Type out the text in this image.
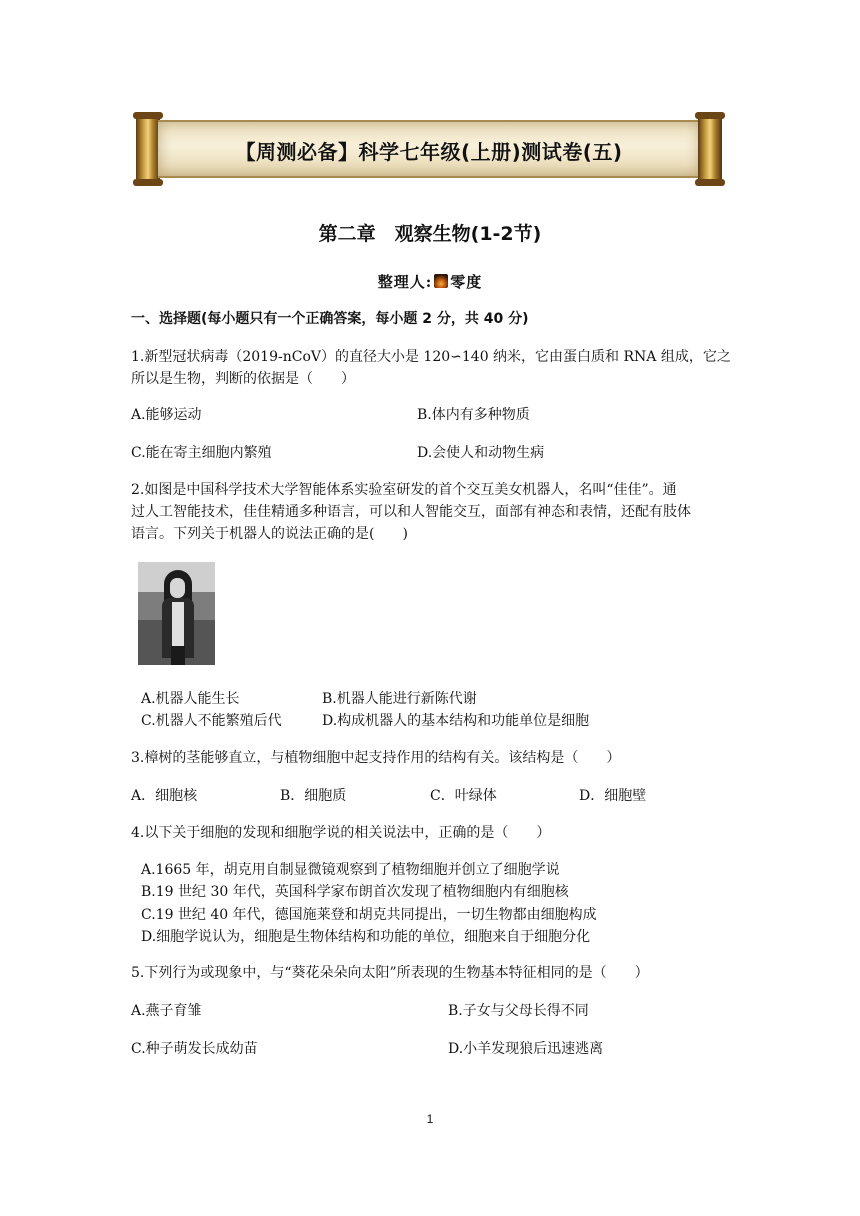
【周测必备】科学七年级(上册)测试卷(五)
第二章　观察生物(1-2节)
整理人: 零度
一、选择题(每小题只有一个正确答案，每小题 2 分，共 40 分)
1.新型冠状病毒（2019-nCoV）的直径大小是 120∽140 纳米，它由蛋白质和 RNA 组成，它之
所以是生物，判断的依据是（　　）
A.能够运动	B.体内有多种物质
C.能在寄主细胞内繁殖	D.会使人和动物生病
2.如图是中国科学技术大学智能体系实验室研发的首个交互美女机器人，名叫“佳佳”。通
过人工智能技术，佳佳精通多种语言，可以和人智能交互，面部有神态和表情，还配有肢体
语言。下列关于机器人的说法正确的是(　　)
A.机器人能生长	B.机器人能进行新陈代谢
C.机器人不能繁殖后代	D.构成机器人的基本结构和功能单位是细胞
3.樟树的茎能够直立，与植物细胞中起支持作用的结构有关。该结构是（　　）
A．细胞核	B．细胞质	C．叶绿体	D．细胞壁
4.以下关于细胞的发现和细胞学说的相关说法中，正确的是（　　）
A.1665 年，胡克用自制显微镜观察到了植物细胞并创立了细胞学说
B.19 世纪 30 年代，英国科学家布朗首次发现了植物细胞内有细胞核
C.19 世纪 40 年代，德国施莱登和胡克共同提出，一切生物都由细胞构成
D.细胞学说认为，细胞是生物体结构和功能的单位，细胞来自于细胞分化
5.下列行为或现象中，与“葵花朵朵向太阳”所表现的生物基本特征相同的是（　　）
A.燕子育雏	B.子女与父母长得不同
C.种子萌发长成幼苗	D.小羊发现狼后迅速逃离
1
